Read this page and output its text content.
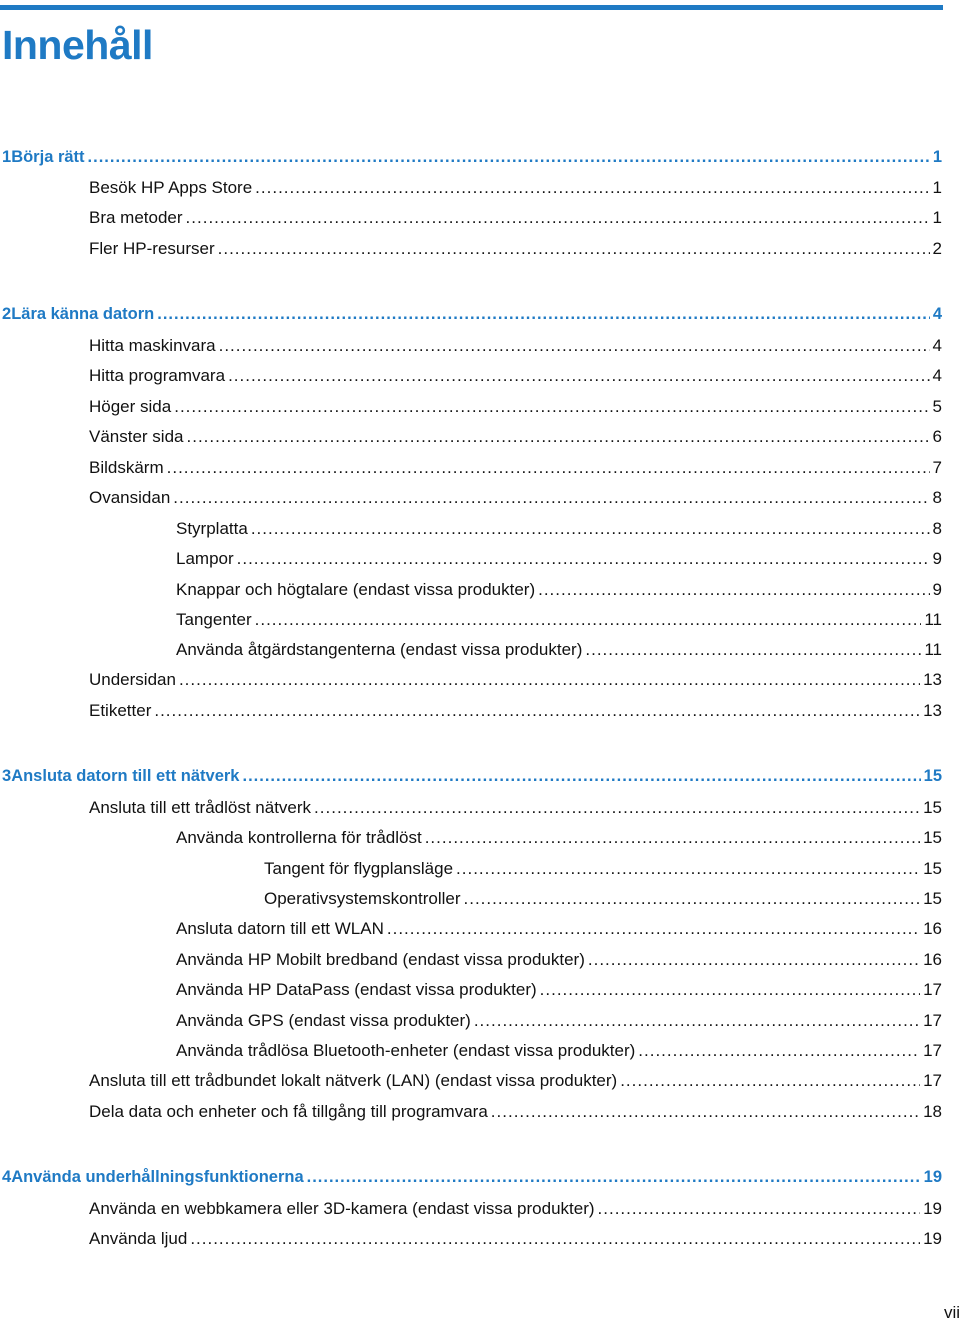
Innehåll
1 Börja rätt .....	1
Besök HP Apps Store .....	1
Bra metoder .....	1
Fler HP-resurser .....	2
2 Lära känna datorn .....	4
Hitta maskinvara .....	4
Hitta programvara .....	4
Höger sida .....	5
Vänster sida .....	6
Bildskärm .....	7
Ovansidan .....	8
Styrplatta .....	8
Lampor .....	9
Knappar och högtalare (endast vissa produkter) .....	9
Tangenter .....	11
Använda åtgärdstangenterna (endast vissa produkter) .....	11
Undersidan .....	13
Etiketter .....	13
3 Ansluta datorn till ett nätverk .....	15
Ansluta till ett trådlöst nätverk .....	15
Använda kontrollerna för trådlöst .....	15
Tangent för flygplansläge .....	15
Operativsystemskontroller .....	15
Ansluta datorn till ett WLAN .....	16
Använda HP Mobilt bredband (endast vissa produkter) .....	16
Använda HP DataPass (endast vissa produkter) .....	17
Använda GPS (endast vissa produkter) .....	17
Använda trådlösa Bluetooth-enheter (endast vissa produkter) .....	17
Ansluta till ett trådbundet lokalt nätverk (LAN) (endast vissa produkter) .....	17
Dela data och enheter och få tillgång till programvara .....	18
4 Använda underhållningsfunktionerna .....	19
Använda en webbkamera eller 3D-kamera (endast vissa produkter) .....	19
Använda ljud .....	19
vii
